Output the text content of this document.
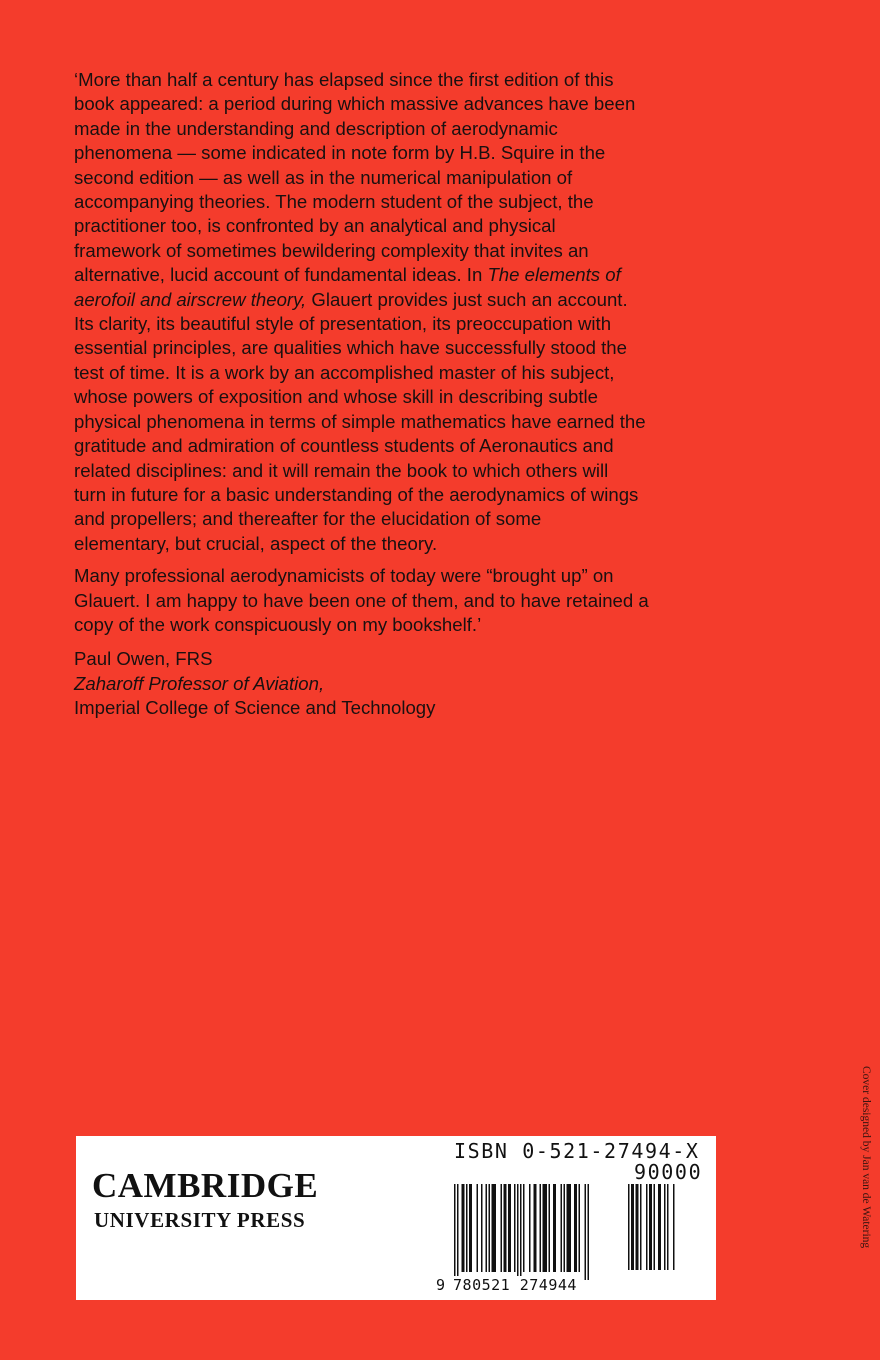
‘More than half a century has elapsed since the first edition of this
book appeared: a period during which massive advances have been
made in the understanding and description of aerodynamic
phenomena — some indicated in note form by H.B. Squire in the
second edition — as well as in the numerical manipulation of
accompanying theories. The modern student of the subject, the
practitioner too, is confronted by an analytical and physical
framework of sometimes bewildering complexity that invites an
alternative, lucid account of fundamental ideas. In The elements of
aerofoil and airscrew theory, Glauert provides just such an account.
Its clarity, its beautiful style of presentation, its preoccupation with
essential principles, are qualities which have successfully stood the
test of time. It is a work by an accomplished master of his subject,
whose powers of exposition and whose skill in describing subtle
physical phenomena in terms of simple mathematics have earned the
gratitude and admiration of countless students of Aeronautics and
related disciplines: and it will remain the book to which others will
turn in future for a basic understanding of the aerodynamics of wings
and propellers; and thereafter for the elucidation of some
elementary, but crucial, aspect of the theory.

Many professional aerodynamicists of today were “brought up” on
Glauert. I am happy to have been one of them, and to have retained a
copy of the work conspicuously on my bookshelf.’

Paul Owen, FRS
Zaharoff Professor of Aviation,
Imperial College of Science and Technology
CAMBRIDGE
UNIVERSITY PRESS
ISBN 0-521-27494-X
90000
9 780521 274944
Cover designed by Jan van de Watering
